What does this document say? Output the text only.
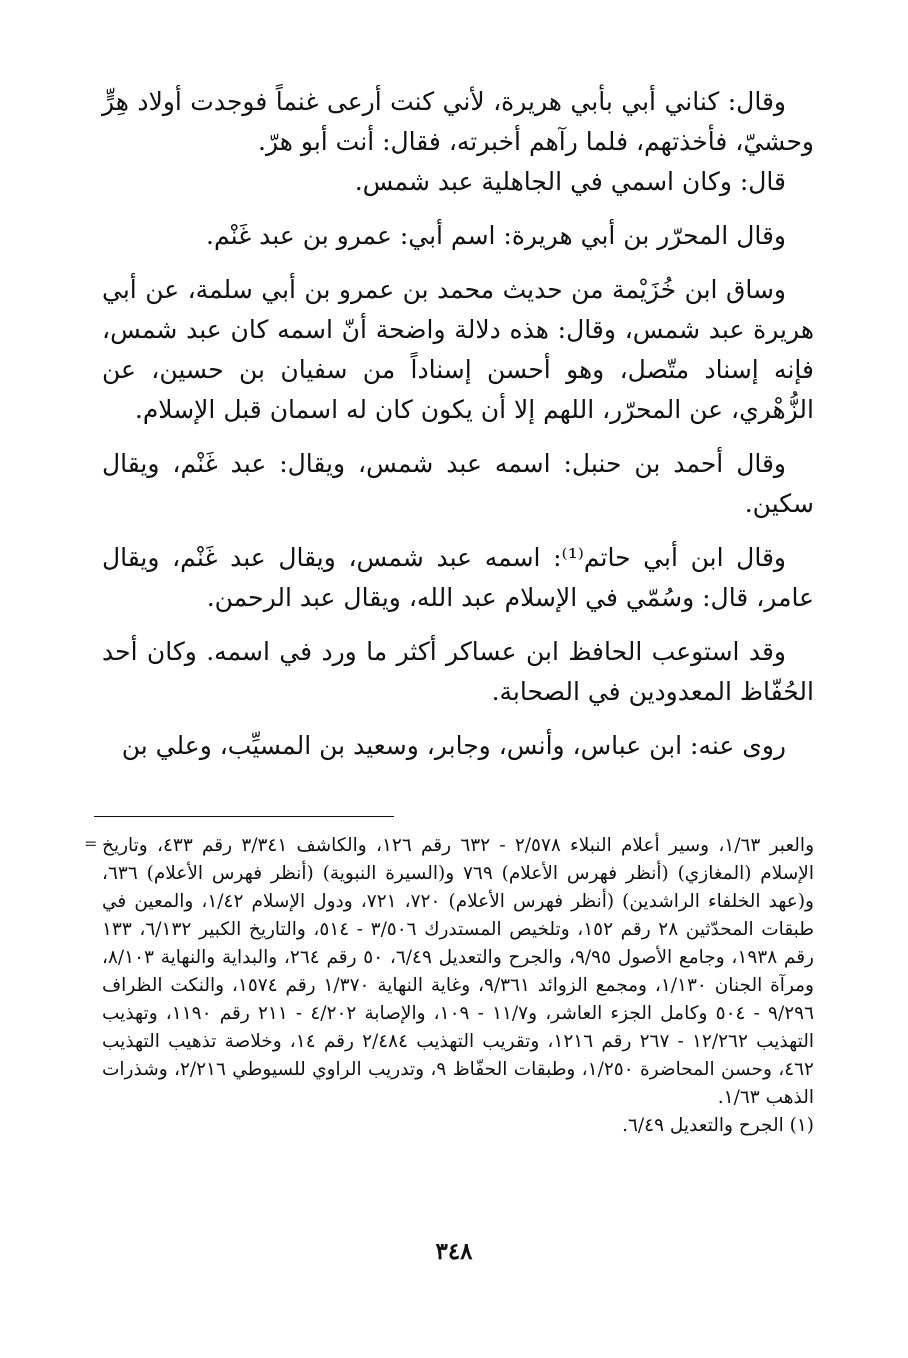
وقال: كناني أبي بأبي هريرة، لأني كنت أرعى غنماً فوجدت أولاد هِرٍّ وحشيّ، فأخذتهم، فلما رآهم أخبرته، فقال: أنت أبو هرّ.

قال: وكان اسمي في الجاهلية عبد شمس.

وقال المحرّر بن أبي هريرة: اسم أبي: عمرو بن عبد غَنْم.

وساق ابن خُزَيْمة من حديث محمد بن عمرو بن أبي سلمة، عن أبي هريرة عبد شمس، وقال: هذه دلالة واضحة أنّ اسمه كان عبد شمس، فإنه إسناد متّصل، وهو أحسن إسناداً من سفيان بن حسين، عن الزُّهْري، عن المحرّر، اللهم إلا أن يكون كان له اسمان قبل الإسلام.

وقال أحمد بن حنبل: اسمه عبد شمس، ويقال: عبد غَنْم، ويقال سكين.

وقال ابن أبي حاتم⁽¹⁾: اسمه عبد شمس، ويقال عبد غَنْم، ويقال عامر، قال: وسُمّي في الإسلام عبد الله، ويقال عبد الرحمن.

وقد استوعب الحافظ ابن عساكر أكثر ما ورد في اسمه. وكان أحد الحُفّاظ المعدودين في الصحابة.

روى عنه: ابن عباس، وأنس، وجابر، وسعيد بن المسيِّب، وعلي بن

= والعبر ١/٦٣، وسير أعلام النبلاء ٢/٥٧٨ - ٦٣٢ رقم ١٢٦، والكاشف ٣/٣٤١ رقم ٤٣٣، وتاريخ الإسلام (المغازي) (أنظر فهرس الأعلام) ٧٦٩ و(السيرة النبوية) (أنظر فهرس الأعلام) ٦٣٦، و(عهد الخلفاء الراشدين) (أنظر فهرس الأعلام) ٧٢٠، ٧٢١، ودول الإسلام ١/٤٢، والمعين في طبقات المحدّثين ٢٨ رقم ١٥٢، وتلخيص المستدرك ٣/٥٠٦ - ٥١٤، والتاريخ الكبير ٦/١٣٢، ١٣٣ رقم ١٩٣٨، وجامع الأصول ٩/٩٥، والجرح والتعديل ٦/٤٩، ٥٠ رقم ٢٦٤، والبداية والنهاية ٨/١٠٣، ومرآة الجنان ١/١٣٠، ومجمع الزوائد ٩/٣٦١، وغاية النهاية ١/٣٧٠ رقم ١٥٧٤، والنكت الظراف ٩/٢٩٦ - ٥٠٤ وكامل الجزء العاشر، و١١/٧ - ١٠٩، والإصابة ٤/٢٠٢ - ٢١١ رقم ١١٩٠، وتهذيب التهذيب ١٢/٢٦٢ - ٢٦٧ رقم ١٢١٦، وتقريب التهذيب ٢/٤٨٤ رقم ١٤، وخلاصة تذهيب التهذيب ٤٦٢، وحسن المحاضرة ١/٢٥٠، وطبقات الحفّاظ ٩، وتدريب الراوي للسيوطي ٢/٢١٦، وشذرات الذهب ١/٦٣.

(١) الجرح والتعديل ٦/٤٩.

٣٤٨
